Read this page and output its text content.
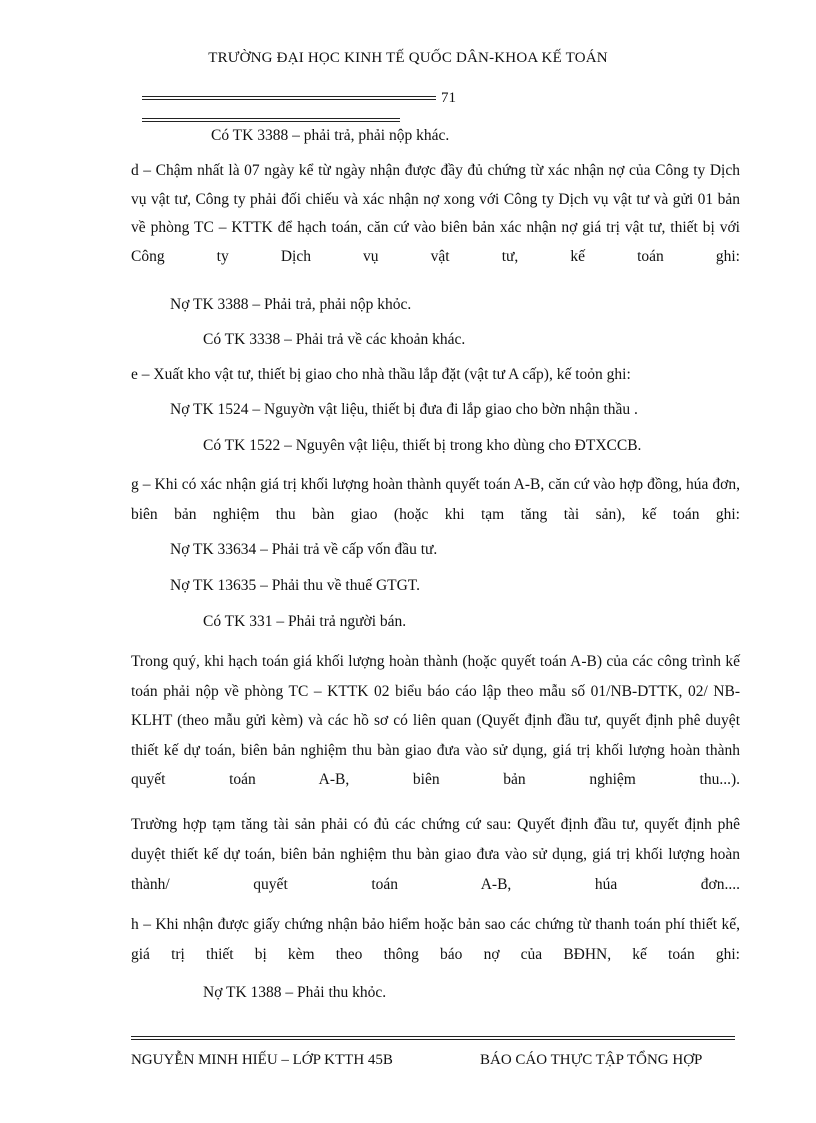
TRƯỜNG ĐẠI HỌC KINH TẾ QUỐC DÂN-KHOA KẾ TOÁN
71
Có TK 3388 – phải trả, phải nộp khác.
d – Chậm nhất là 07 ngày kể từ ngày nhận được đầy đủ chứng từ xác nhận nợ của Công ty Dịch vụ vật tư, Công ty phải đối chiếu và xác nhận nợ xong với Công ty Dịch vụ vật tư và gửi 01 bản về phòng TC – KTTK để hạch toán, căn cứ vào biên bản xác nhận nợ giá trị vật tư, thiết bị với Công ty Dịch vụ vật tư, kế toán ghi:
Nợ TK 3388 – Phải trả, phải nộp khỏc.
Có TK 3338 – Phải trả về các khoản khác.
e – Xuất kho vật tư, thiết bị giao cho nhà thầu lắp đặt (vật tư A cấp), kế toỏn ghi:
Nợ TK 1524 – Nguyờn vật liệu, thiết bị đưa đi lắp giao cho bờn nhận thầu .
Có TK 1522 – Nguyên vật liệu, thiết bị trong kho dùng cho ĐTXCCB.
g – Khi có xác nhận giá trị khối lượng hoàn thành quyết toán A-B, căn cứ vào hợp đồng, húa đơn, biên bản nghiệm thu bàn giao (hoặc khi tạm tăng tài sản), kế toán ghi:
Nợ TK 33634 – Phải trả về cấp vốn đầu tư.
Nợ TK 13635 – Phải thu về thuế GTGT.
Có TK 331 – Phải trả người bán.
Trong quý, khi hạch toán giá khối lượng hoàn thành (hoặc quyết toán A-B) của các công trình kế toán phải nộp về phòng TC – KTTK 02 biểu báo cáo lập theo mẫu số 01/NB-DTTK, 02/ NB-KLHT (theo mẫu gửi kèm) và các hồ sơ có liên quan (Quyết định đầu tư, quyết định phê duyệt thiết kế dự toán, biên bản nghiệm thu bàn giao đưa vào sử dụng, giá trị khối lượng hoàn thành quyết toán A-B, biên bản nghiệm thu...).
Trường hợp tạm tăng tài sản phải có đủ các chứng cứ sau: Quyết định đầu tư, quyết định phê duyệt thiết kế dự toán, biên bản nghiệm thu bàn giao đưa vào sử dụng, giá trị khối lượng hoàn thành/ quyết toán A-B, húa đơn....
h – Khi nhận được giấy chứng nhận bảo hiểm hoặc bản sao các chứng từ thanh toán phí thiết kế, giá trị thiết bị kèm theo thông báo nợ của BĐHN, kế toán ghi:
Nợ TK 1388 – Phải thu khỏc.
NGUYỄN MINH HIẾU – LỚP KTTH 45B	BÁO CÁO THỰC TẬP TỔNG HỢP
